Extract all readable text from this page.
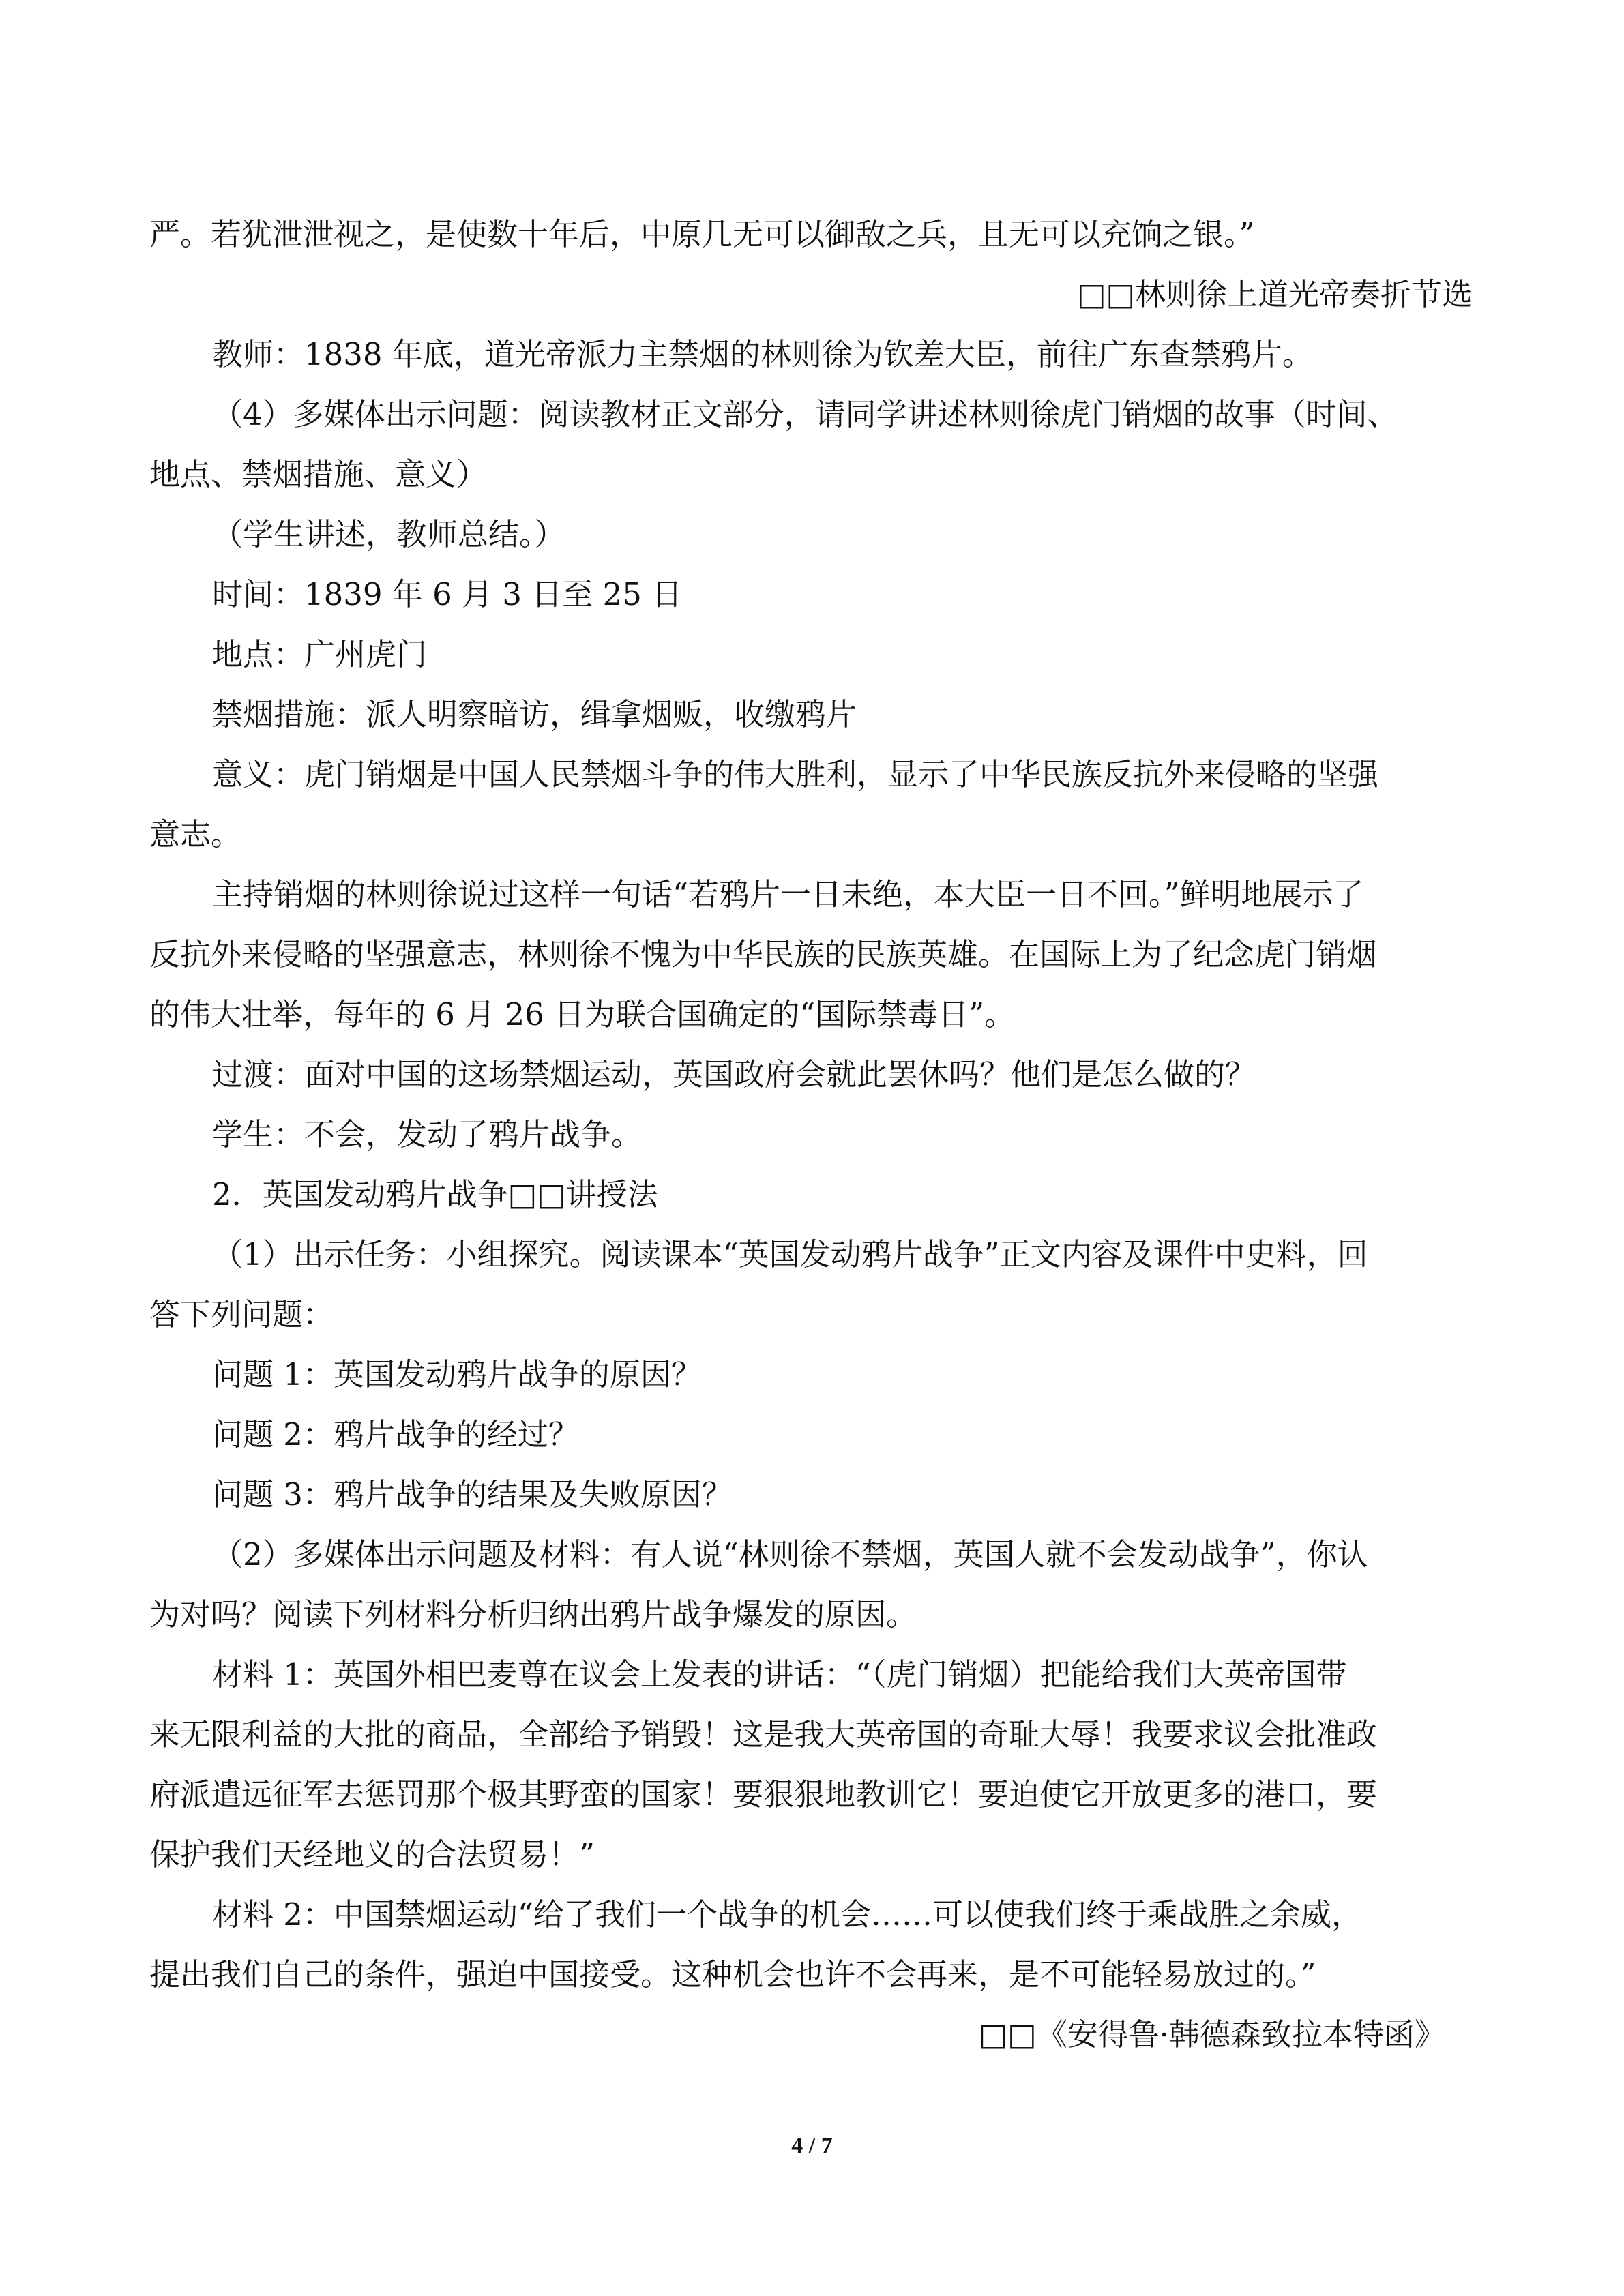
严。若犹泄泄视之，是使数十年后，中原几无可以御敌之兵，且无可以充饷之银。”
□□林则徐上道光帝奏折节选
教师：1838 年底，道光帝派力主禁烟的林则徐为钦差大臣，前往广东查禁鸦片。
（4）多媒体出示问题：阅读教材正文部分，请同学讲述林则徐虎门销烟的故事（时间、
地点、禁烟措施、意义）
（学生讲述，教师总结。）
时间：1839 年 6 月 3 日至 25 日
地点：广州虎门
禁烟措施：派人明察暗访，缉拿烟贩，收缴鸦片
意义：虎门销烟是中国人民禁烟斗争的伟大胜利，显示了中华民族反抗外来侵略的坚强
意志。
主持销烟的林则徐说过这样一句话“若鸦片一日未绝，本大臣一日不回。”鲜明地展示了
反抗外来侵略的坚强意志，林则徐不愧为中华民族的民族英雄。在国际上为了纪念虎门销烟
的伟大壮举，每年的 6 月 26 日为联合国确定的“国际禁毒日”。
过渡：面对中国的这场禁烟运动，英国政府会就此罢休吗？他们是怎么做的？
学生：不会，发动了鸦片战争。
2．英国发动鸦片战争□□讲授法
（1）出示任务：小组探究。阅读课本“英国发动鸦片战争”正文内容及课件中史料，回
答下列问题：
问题 1：英国发动鸦片战争的原因？
问题 2：鸦片战争的经过？
问题 3：鸦片战争的结果及失败原因？
（2）多媒体出示问题及材料：有人说“林则徐不禁烟，英国人就不会发动战争”，你认
为对吗？阅读下列材料分析归纳出鸦片战争爆发的原因。
材料 1：英国外相巴麦尊在议会上发表的讲话：“（虎门销烟）把能给我们大英帝国带
来无限利益的大批的商品，全部给予销毁！这是我大英帝国的奇耻大辱！我要求议会批准政
府派遣远征军去惩罚那个极其野蛮的国家！要狠狠地教训它！要迫使它开放更多的港口，要
保护我们天经地义的合法贸易！”
材料 2：中国禁烟运动“给了我们一个战争的机会……可以使我们终于乘战胜之余威，
提出我们自己的条件，强迫中国接受。这种机会也许不会再来，是不可能轻易放过的。”
□□《安得鲁·韩德森致拉本特函》
4 / 7
